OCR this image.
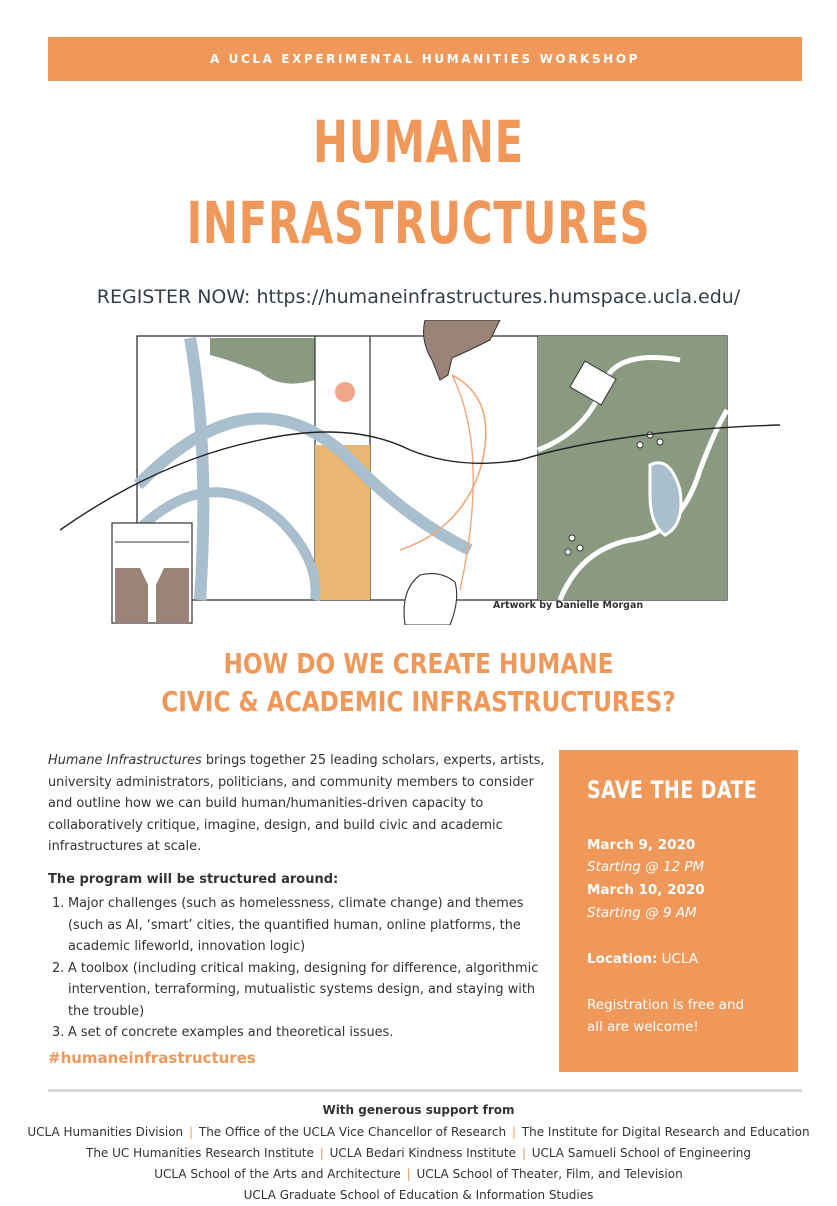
A UCLA EXPERIMENTAL HUMANITIES WORKSHOP
HUMANE
INFRASTRUCTURES
REGISTER NOW: https://humaneinfrastructures.humspace.ucla.edu/
Artwork by Danielle Morgan
HOW DO WE CREATE HUMANE
CIVIC & ACADEMIC INFRASTRUCTURES?
Humane Infrastructures brings together 25 leading scholars, experts, artists, university administrators, politicians, and community members to consider and outline how we can build human/humanities-driven capacity to collaboratively critique, imagine, design, and build civic and academic infrastructures at scale.
The program will be structured around:
1. Major challenges (such as homelessness, climate change) and themes (such as AI, ‘smart’ cities, the quantified human, online platforms, the academic lifeworld, innovation logic)
2. A toolbox (including critical making, designing for difference, algorithmic intervention, terraforming, mutualistic systems design, and staying with the trouble)
3. A set of concrete examples and theoretical issues.
#humaneinfrastructures
SAVE THE DATE
March 9, 2020
Starting @ 12 PM
March 10, 2020
Starting @ 9 AM
Location: UCLA
Registration is free and
all are welcome!
With generous support from
UCLA Humanities Division | The Office of the UCLA Vice Chancellor of Research | The Institute for Digital Research and Education
The UC Humanities Research Institute | UCLA Bedari Kindness Institute | UCLA Samueli School of Engineering
UCLA School of the Arts and Architecture | UCLA School of Theater, Film, and Television
UCLA Graduate School of Education & Information Studies
